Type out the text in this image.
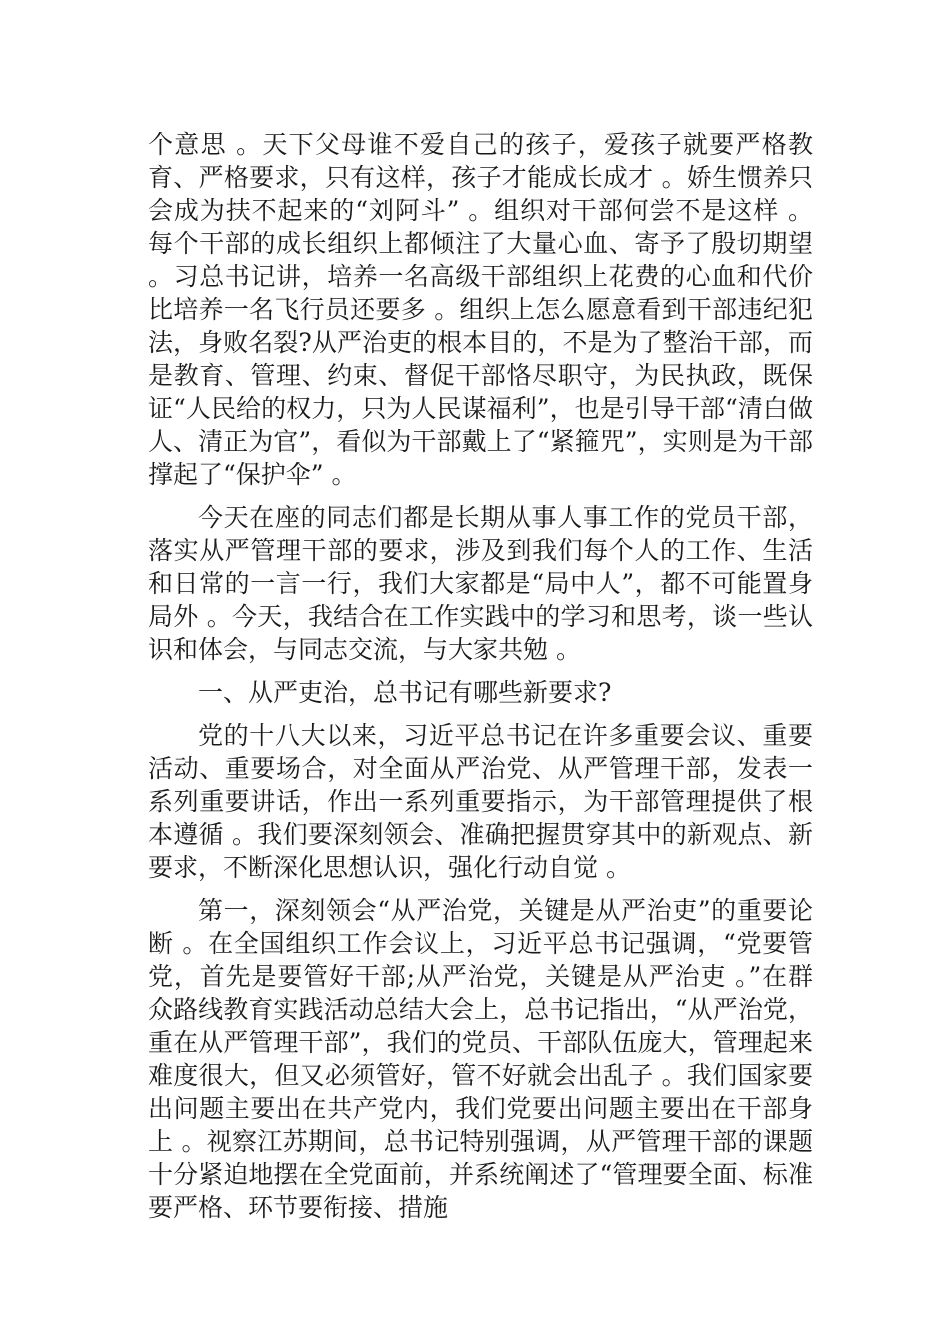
个意思 。天下父母谁不爱自己的孩子，爱孩子就要严格教育、严格要求，只有这样，孩子才能成长成才 。娇生惯养只会成为扶不起来的“刘阿斗” 。组织对干部何尝不是这样 。每个干部的成长组织上都倾注了大量心血、寄予了殷切期望 。习总书记讲，培养一名高级干部组织上花费的心血和代价比培养一名飞行员还要多 。组织上怎么愿意看到干部违纪犯法，身败名裂?从严治吏的根本目的，不是为了整治干部，而是教育、管理、约束、督促干部恪尽职守，为民执政，既保证“人民给的权力，只为人民谋福利”，也是引导干部“清白做人、清正为官”，看似为干部戴上了“紧箍咒”，实则是为干部撑起了“保护伞” 。

今天在座的同志们都是长期从事人事工作的党员干部，落实从严管理干部的要求，涉及到我们每个人的工作、生活和日常的一言一行，我们大家都是“局中人”，都不可能置身局外 。今天，我结合在工作实践中的学习和思考，谈一些认识和体会，与同志交流，与大家共勉 。

一、从严吏治，总书记有哪些新要求?

党的十八大以来，习近平总书记在许多重要会议、重要活动、重要场合，对全面从严治党、从严管理干部，发表一系列重要讲话，作出一系列重要指示，为干部管理提供了根本遵循 。我们要深刻领会、准确把握贯穿其中的新观点、新要求，不断深化思想认识，强化行动自觉 。

第一，深刻领会“从严治党，关键是从严治吏”的重要论断 。在全国组织工作会议上，习近平总书记强调，“党要管党，首先是要管好干部;从严治党，关键是从严治吏 。”在群众路线教育实践活动总结大会上，总书记指出，“从严治党，重在从严管理干部”，我们的党员、干部队伍庞大，管理起来难度很大，但又必须管好，管不好就会出乱子 。我们国家要出问题主要出在共产党内，我们党要出问题主要出在干部身上 。视察江苏期间，总书记特别强调，从严管理干部的课题十分紧迫地摆在全党面前，并系统阐述了“管理要全面、标准要严格、环节要衔接、措施
